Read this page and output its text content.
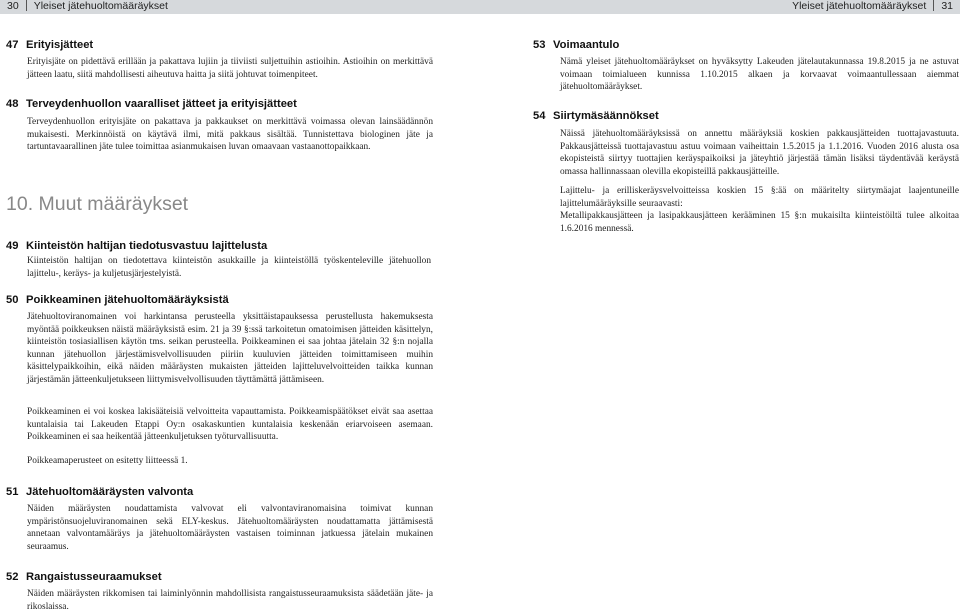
30 Yleiset jätehuoltomääräykset	Yleiset jätehuoltomääräykset 31
47 Erityisjätteet

Erityisjäte on pidettävä erillään ja pakattava lujiin ja tiiviisti suljettuihin astioihin. Astioihin on merkittävä jätteen laatu, siitä mahdollisesti aiheutuva haitta ja siitä johtuvat toimenpiteet.

48 Terveydenhuollon vaaralliset jätteet ja erityisjätteet

Terveydenhuollon erityisjäte on pakattava ja pakkaukset on merkittävä voimassa olevan lainsäädännön mukaisesti. Merkinnöistä on käytävä ilmi, mitä pakkaus sisältää. Tunnistettava biologinen jäte ja tartuntavaarallinen jäte tulee toimittaa asianmukaisen luvan omaavaan vastaanottopaikkaan.

10. Muut määräykset
49 Kiinteistön haltijan tiedotusvastuu lajittelusta

Kiinteistön haltijan on tiedotettava kiinteistön asukkaille ja kiinteistöllä työskenteleville jätehuollon lajittelu-, keräys- ja kuljetusjärjestelyistä.

50 Poikkeaminen jätehuoltomääräyksistä

Jätehuoltoviranomainen voi harkintansa perusteella yksittäistapauksessa perustellusta hakemuksesta myöntää poikkeuksen näistä määräyksistä esim. 21 ja 39 §:ssä tarkoitetun omatoimisen jätteiden käsittelyn, kiinteistön tosiasiallisen käytön tms. seikan perusteella. Poikkeaminen ei saa johtaa jätelain 32 §:n nojalla kunnan jätehuollon järjestämisvelvollisuuden piiriin kuuluvien jätteiden toimittamiseen muihin käsittelypaikkoihin, eikä näiden määräysten mukaisten jätteiden lajitteluvelvoitteiden taikka kunnan järjestämän jätteenkuljetukseen liittymisvelvollisuuden täyttämättä jättämiseen.

Poikkeaminen ei voi koskea lakisääteisiä velvoitteita vapauttamista. Poikkeamispäätökset eivät saa asettaa kuntalaisia tai Lakeuden Etappi Oy:n osakaskuntien kuntalaisia keskenään eriarvoiseen asemaan. Poikkeaminen ei saa heikentää jätteenkuljetuksen työturvallisuutta.

Poikkeamaperusteet on esitetty liitteessä 1.

51 Jätehuoltomääräysten valvonta

Näiden määräysten noudattamista valvovat eli valvontaviranomaisina toimivat kunnan ympäristönsuojeluviranomainen sekä ELY-keskus. Jätehuoltomääräysten noudattamatta jättämisestä annetaan valvontamääräys ja jätehuoltomääräysten vastaisen toiminnan jatkuessa jätelain mukainen seuraamus.

52 Rangaistusseuraamukset

Näiden määräysten rikkomisen tai laiminlyönnin mahdollisista rangaistusseuraamuksista säädetään jäte- ja rikoslaissa.

53 Voimaantulo

Nämä yleiset jätehuoltomääräykset on hyväksytty Lakeuden jätelautakunnassa 19.8.2015 ja ne astuvat voimaan toimialueen kunnissa 1.10.2015 alkaen ja korvaavat voimaantullessaan aiemmat jätehuoltomääräykset.

54 Siirtymäsäännökset

Näissä jätehuoltomääräyksissä on annettu määräyksiä koskien pakkausjätteiden tuottajavastuuta. Pakkausjätteissä tuottajavastuu astuu voimaan vaiheittain 1.5.2015 ja 1.1.2016. Vuoden 2016 alusta osa ekopisteistä siirtyy tuottajien keräyspaikoiksi ja jäteyhtiö järjestää tämän lisäksi täydentävää keräystä omassa hallinnassaan olevilla ekopisteillä pakkausjätteille.

Lajittelu- ja erilliskeräysvelvoitteissa koskien 15 §:ää on määritelty siirtymäajat laajentuneille lajittelumääräyksille seuraavasti:

Metallipakkausjätteen ja lasipakkausjätteen kerääminen 15 §:n mukaisilta kiinteistöiltä tulee alkoitaa 1.6.2016 mennessä.
